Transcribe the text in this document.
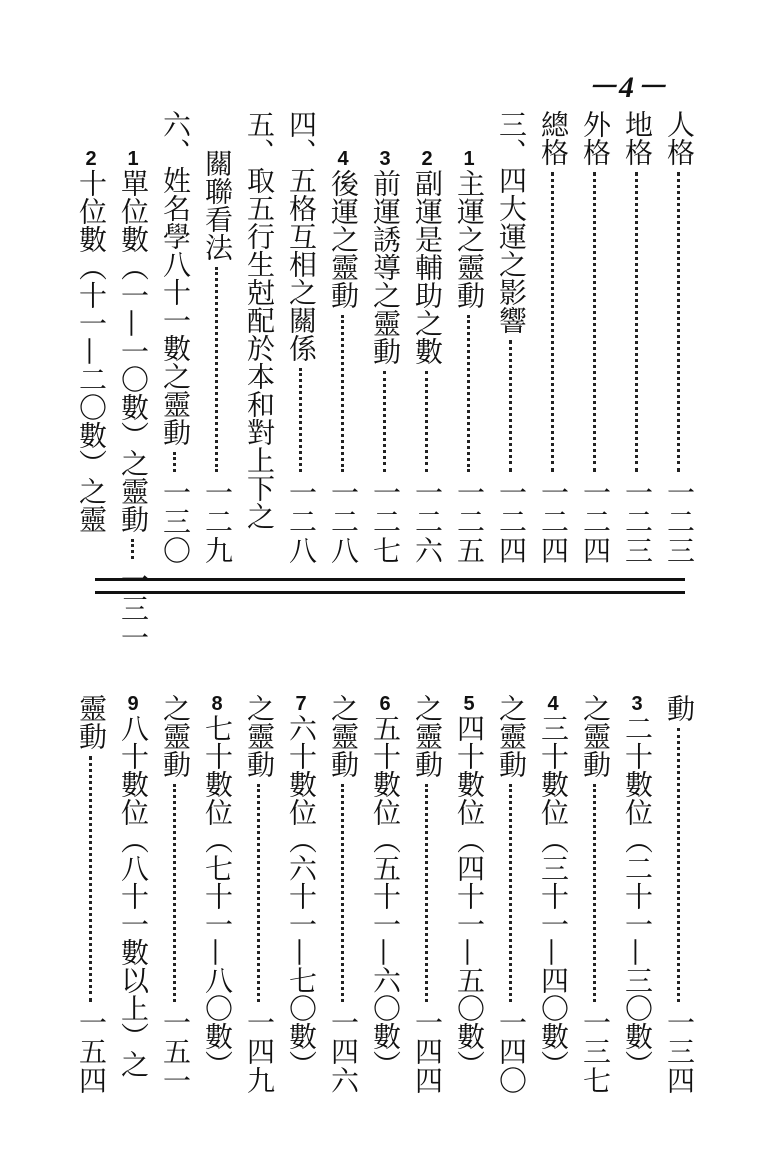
－4－
人格
一二三
地格
一二三
外格
一二四
總格
一二四
三、
四大運之影響
一二四
1
主運之靈動
一二五
2
副運是輔助之數
一二六
3
前運誘導之靈動
一二七
4
後運之靈動
一二八
四、
五格互相之關係
一二八
五、
取五行生尅配於本和對上下之
關聯看法
一二九
六、
姓名學八十一數之靈動
一三〇
1
單位數（一—一〇數）之靈動
一三一
2
十位數（十一—二〇數）之靈
動
一三四
3
二十數位（二十一—三〇數）
之靈動
一三七
4
三十數位（三十一—四〇數）
之靈動
一四〇
5
四十數位（四十一—五〇數）
之靈動
一四四
6
五十數位（五十一—六〇數）
之靈動
一四六
7
六十數位（六十一—七〇數）
之靈動
一四九
8
七十數位（七十一—八〇數）
之靈動
一五一
9
八十數位（八十一數以上）之
靈動
一五四
